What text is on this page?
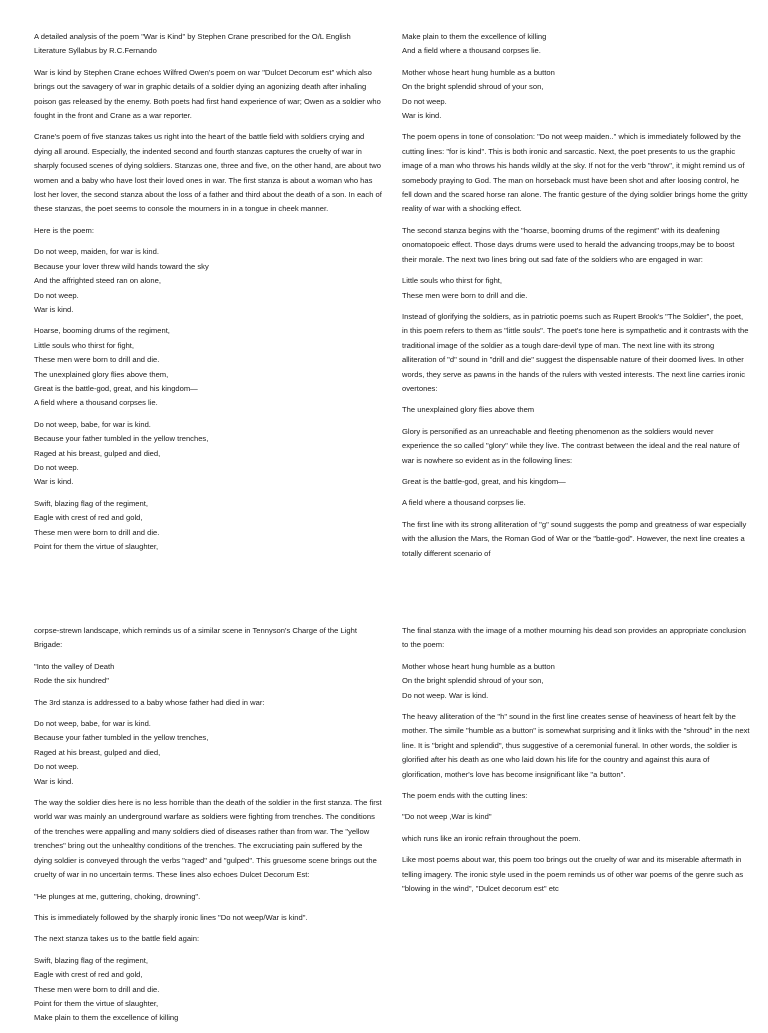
A detailed analysis of the poem "War is Kind" by Stephen Crane prescribed for the O/L English Literature Syllabus by R.C.Fernando

War is kind by Stephen Crane echoes Wilfred Owen's poem on war "Dulcet Decorum est" which also brings out the savagery of war in graphic details of a soldier dying an agonizing death after inhaling poison gas released by the enemy. Both poets had first hand experience of war; Owen as a soldier who fought in the front and Crane as a war reporter.

Crane's poem of five stanzas takes us right into the heart of the battle field with soldiers crying and dying all around. Especially, the indented second and fourth stanzas captures the cruelty of war in sharply focused scenes of dying soldiers. Stanzas one, three and five, on the other hand, are about two women and a baby who have lost their loved ones in war. The first stanza is about a woman who has lost her lover, the second stanza about the loss of a father and third about the death of a son. In each of these stanzas, the poet seems to console the mourners in in a tongue in cheek manner.

Here is the poem:

Do not weep, maiden, for war is kind.
Because your lover threw wild hands toward the sky
And the affrighted steed ran on alone,
Do not weep.
War is kind.
Hoarse, booming drums of the regiment,
Little souls who thirst for fight,
These men were born to drill and die.
The unexplained glory flies above them,
Great is the battle-god, great, and his kingdom—
A field where a thousand corpses lie.
Do not weep, babe, for war is kind.
Because your father tumbled in the yellow trenches,
Raged at his breast, gulped and died,
Do not weep.
War is kind.
Swift, blazing flag of the regiment,
Eagle with crest of red and gold,
These men were born to drill and die.
Point for them the virtue of slaughter,
Make plain to them the excellence of killing
And a field where a thousand corpses lie.
Mother whose heart hung humble as a button
On the bright splendid shroud of your son,
Do not weep.
War is kind.

The poem opens in tone of consolation: "Do not weep maiden.." which is immediately followed by the cutting lines: "for is kind". This is both ironic and sarcastic. Next, the poet presents to us the graphic image of a man who throws his hands wildly at the sky. If not for the verb "throw", it might remind us of somebody praying to God. The man on horseback must have been shot and after loosing control, he fell down and the scared horse ran alone. The frantic gesture of the dying soldier brings home the gritty reality of war with a shocking effect.

The second stanza begins with the "hoarse, booming drums of the regiment" with its deafening onomatopoeic effect. Those days drums were used to herald the advancing troops,may be to boost their morale. The next two lines bring out sad fate of the soldiers who are engaged in war:

Little souls who thirst for fight,
These men were born to drill and die.

Instead of glorifying the soldiers, as in patriotic poems such as Rupert Brook's "The Soldier", the poet, in this poem refers to them as "little souls". The poet's tone here is sympathetic and it contrasts with the traditional image of the soldier as a tough dare-devil type of man. The next line with its strong alliteration of "d" sound in "drill and die" suggest the dispensable nature of their doomed lives. In other words, they serve as pawns in the hands of the rulers with vested interests. The next line carries ironic overtones:

The unexplained glory flies above them

Glory is personified as an unreachable and fleeting phenomenon as the soldiers would never experience the so called "glory" while they live. The contrast between the ideal and the real nature of war is nowhere so evident as in the following lines:

Great is the battle-god, great, and his kingdom—
A field where a thousand corpses lie.

The first line with its strong alliteration of "g" sound suggests the pomp and greatness of war especially with the allusion the Mars, the Roman God of War or the "battle-god". However, the next line creates a totally different scenario of

corpse-strewn landscape, which reminds us of a similar scene in Tennyson's Charge of the Light Brigade:

"Into the valley of Death
Rode the six hundred"

The 3rd stanza is addressed to a baby whose father had died in war:

Do not weep, babe, for war is kind.
Because your father tumbled in the yellow trenches,
Raged at his breast, gulped and died,
Do not weep.
War is kind.

The way the soldier dies here is no less horrible than the death of the soldier in the first stanza. The first world war was mainly an underground warfare as soldiers were fighting from trenches. The conditions of the trenches were appalling and many soldiers died of diseases rather than from war. The "yellow trenches" bring out the unhealthy conditions of the trenches. The excruciating pain suffered by the dying soldier is conveyed through the verbs "raged" and "gulped". This gruesome scene brings out the cruelty of war in no uncertain terms. These lines also echoes Dulcet Decorum Est:

"He plunges at me, guttering, choking, drowning".

This is immediately followed by the sharply ironic lines "Do not weep/War is kind".

The next stanza takes us to the battle field again:

Swift, blazing flag of the regiment,
Eagle with crest of red and gold,
These men were born to drill and die.
Point for them the virtue of slaughter,
Make plain to them the excellence of killing

The final stanza with the image of a mother mourning his dead son provides an appropriate conclusion to the poem:

Mother whose heart hung humble as a button
On the bright splendid shroud of your son,
Do not weep. War is kind.

The heavy alliteration of the "h" sound in the first line creates sense of heaviness of heart felt by the mother. The simile "humble as a button" is somewhat surprising and it links with the "shroud" in the next line. It is "bright and splendid", thus suggestive of a ceremonial funeral. In other words, the soldier is glorified after his death as one who laid down his life for the country and against this aura of glorification, mother's love has become insignificant like "a button".

The poem ends with the cutting lines:

"Do not weep ,War is kind"

which runs like an ironic refrain throughout the poem.

Like most poems about war, this poem too brings out the cruelty of war and its miserable aftermath in telling imagery. The ironic style used in the poem reminds us of other war poems of the genre such as "blowing in the wind", "Dulcet decorum est" etc
